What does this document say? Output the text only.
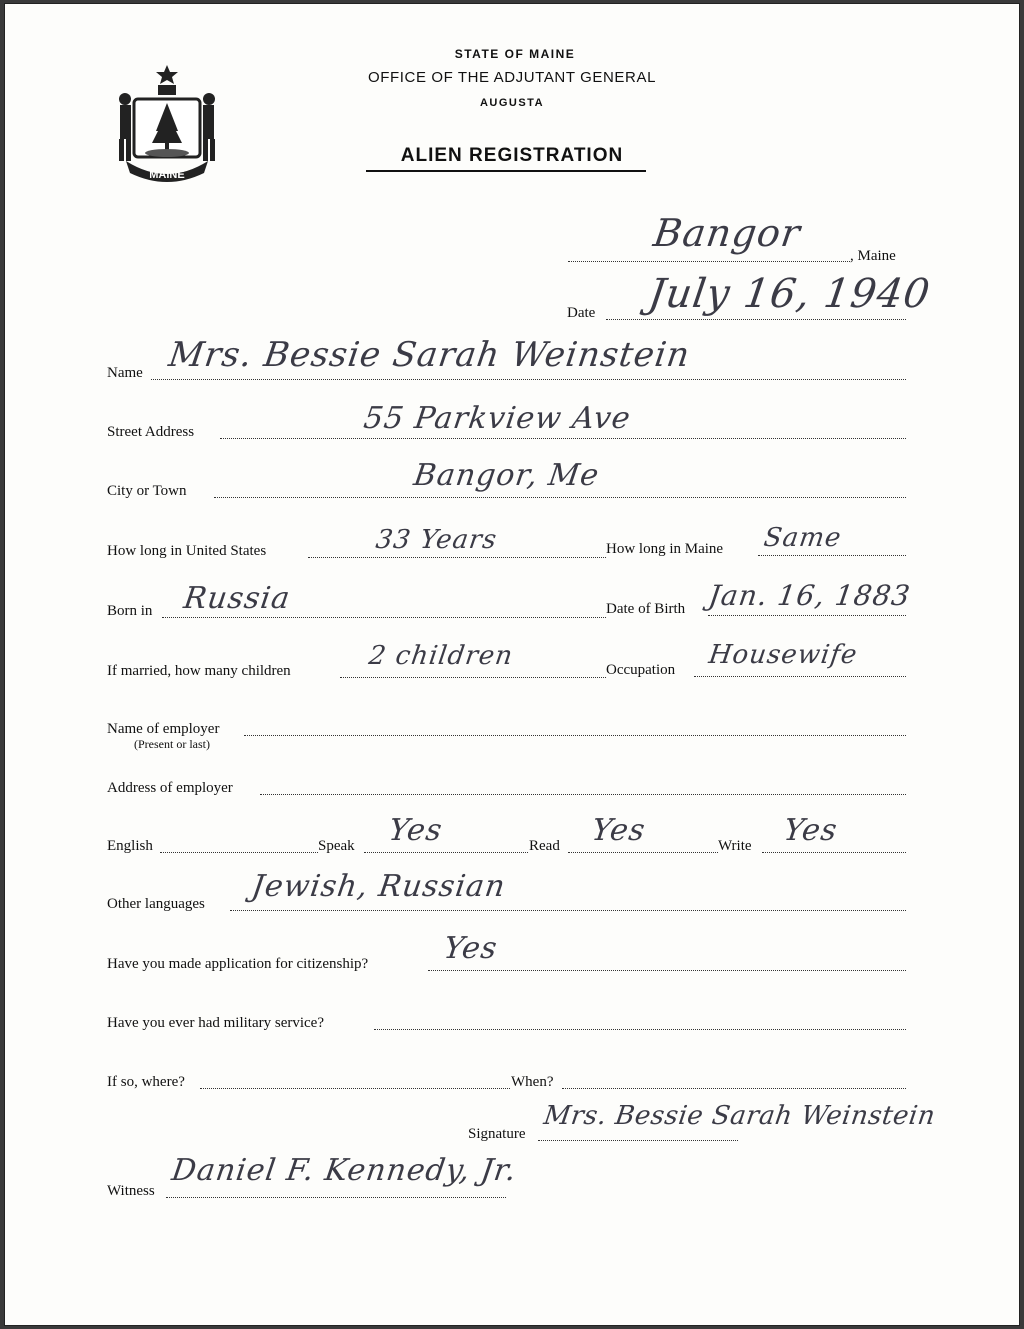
MAINE
STATE OF MAINE
OFFICE OF THE ADJUTANT GENERAL
AUGUSTA
ALIEN REGISTRATION
Bangor
, Maine
Date July 16, 1940
Name Mrs. Bessie Sarah Weinstein
Street Address	55 Parkview Ave
City or Town	Bangor, Me
How long in United States	33 Years	How long in Maine Same
Born in Russia	Date of Birth Jan. 16, 1883
If married, how many children	2 children	Occupation Housewife
Name of employer
(Present or last)
Address of employer
English	Speak Yes	Read Yes	Write Yes
Other languages Jewish, Russian
Have you made application for citizenship? Yes
Have you ever had military service?
If so, where?	When?
Signature
Mrs. Bessie Sarah Weinstein
Witness
Daniel F. Kennedy, Jr.
